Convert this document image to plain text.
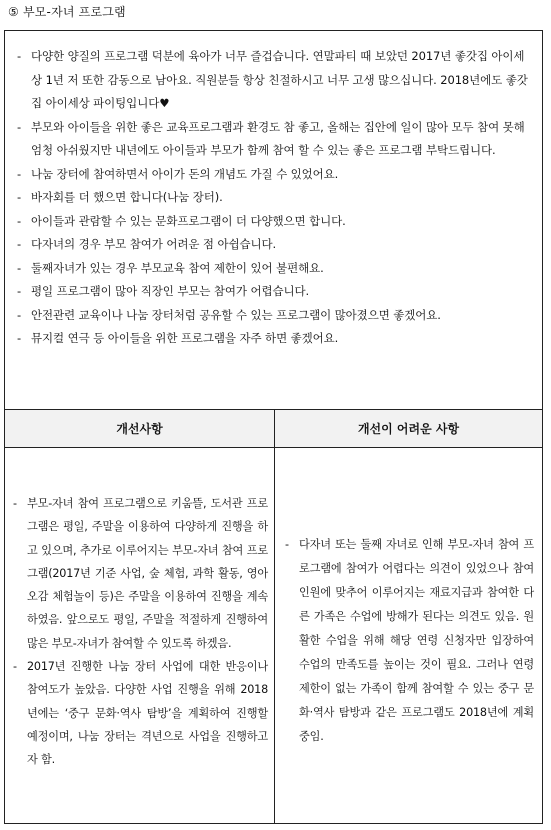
⑤ 부모-자녀 프로그램
- 다양한 양질의 프로그램 덕분에 육아가 너무 즐겁습니다. 연말파티 때 보았던 2017년 좋갓집 아이세상 1년 저 또한 감동으로 남아요. 직원분들 항상 친절하시고 너무 고생 많으십니다. 2018년에도 좋갓집 아이세상 파이팅입니다♥
- 부모와 아이들을 위한 좋은 교육프로그램과 환경도 참 좋고, 올해는 집안에 일이 많아 모두 참여 못해 엄청 아쉬웠지만 내년에도 아이들과 부모가 함께 참여 할 수 있는 좋은 프로그램 부탁드립니다.
- 나눔 장터에 참여하면서 아이가 돈의 개념도 가질 수 있었어요.
- 바자회를 더 했으면 합니다(나눔 장터).
- 아이들과 관람할 수 있는 문화프로그램이 더 다양했으면 합니다.
- 다자녀의 경우 부모 참여가 어려운 점 아쉽습니다.
- 둘째자녀가 있는 경우 부모교육 참여 제한이 있어 불편해요.
- 평일 프로그램이 많아 직장인 부모는 참여가 어렵습니다.
- 안전관련 교육이나 나눔 장터처럼 공유할 수 있는 프로그램이 많아졌으면 좋겠어요.
- 뮤지컬 연극 등 아이들을 위한 프로그램을 자주 하면 좋겠어요.
개선사항	개선이 어려운 사항
- 부모-자녀 참여 프로그램으로 키움뜰, 도서관 프로그램은 평일, 주말을 이용하여 다양하게 진행을 하고 있으며, 추가로 이루어지는 부모-자녀 참여 프로그램(2017년 기준 사업, 숲 체험, 과학 활동, 영아 오감 체험놀이 등)은 주말을 이용하여 진행을 계속 하였음. 앞으로도 평일, 주말을 적절하게 진행하여 많은 부모-자녀가 참여할 수 있도록 하겠음.
- 2017년 진행한 나눔 장터 사업에 대한 반응이나 참여도가 높았음. 다양한 사업 진행을 위해 2018년에는 ‘중구 문화·역사 탐방’을 계획하여 진행할 예정이며, 나눔 장터는 격년으로 사업을 진행하고자 함.
- 다자녀 또는 둘째 자녀로 인해 부모-자녀 참여 프로그램에 참여가 어렵다는 의견이 있었으나 참여 인원에 맞추어 이루어지는 재료지급과 참여한 다른 가족은 수업에 방해가 된다는 의견도 있음. 원활한 수업을 위해 해당 연령 신청자만 입장하여 수업의 만족도를 높이는 것이 필요. 그러나 연령 제한이 없는 가족이 함께 참여할 수 있는 중구 문화·역사 탐방과 같은 프로그램도 2018년에 계획 중임.
